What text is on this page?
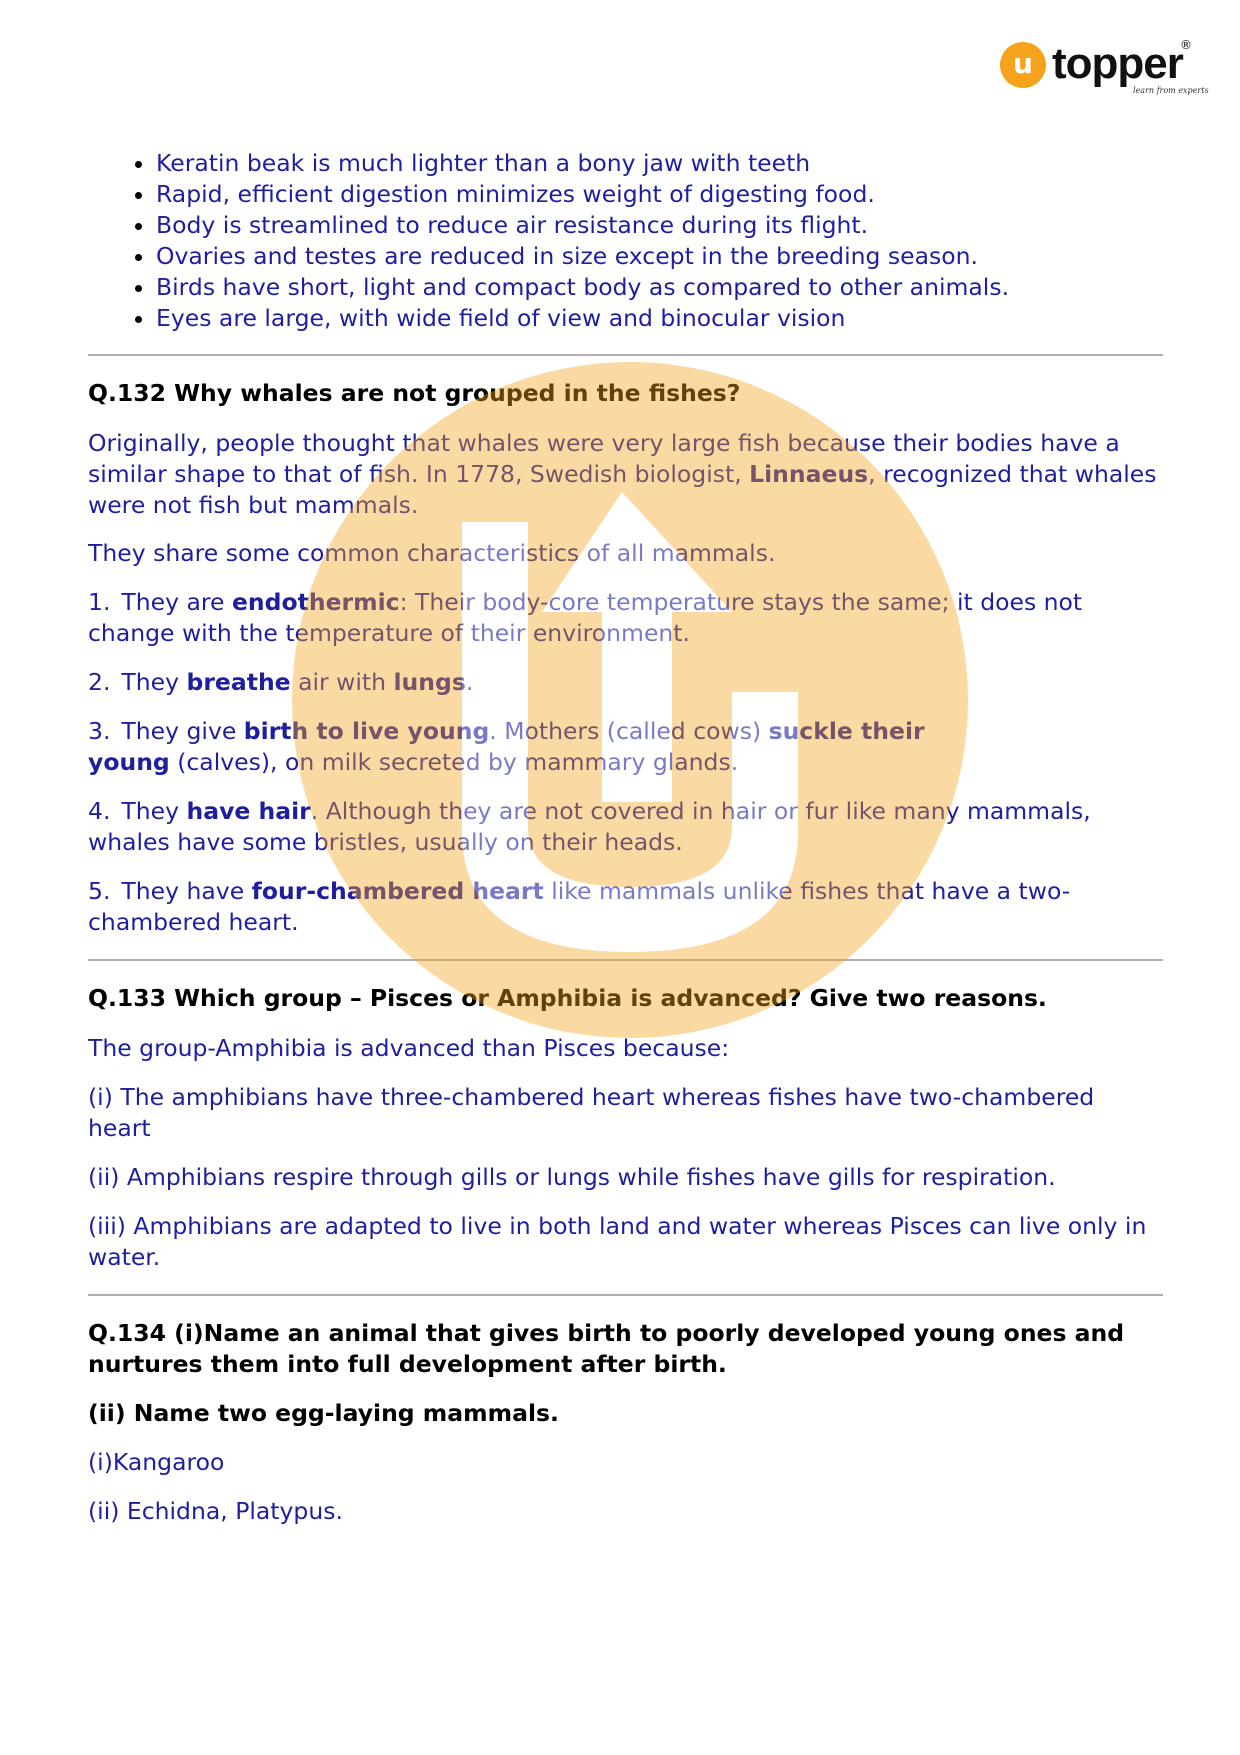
u topper
®
learn from experts
• Keratin beak is much lighter than a bony jaw with teeth
• Rapid, efficient digestion minimizes weight of digesting food.
• Body is streamlined to reduce air resistance during its flight.
• Ovaries and testes are reduced in size except in the breeding season.
• Birds have short, light and compact body as compared to other animals.
• Eyes are large, with wide field of view and binocular vision

Q.132 Why whales are not grouped in the fishes?

Originally, people thought that whales were very large fish because their bodies have a similar shape to that of fish. In 1778, Swedish biologist, Linnaeus, recognized that whales were not fish but mammals.

They share some common characteristics of all mammals.

1. They are endothermic: Their body-core temperature stays the same; it does not change with the temperature of their environment.

2. They breathe air with lungs.

3. They give birth to live young. Mothers (called cows) suckle their young (calves), on milk secreted by mammary glands.

4. They have hair. Although they are not covered in hair or fur like many mammals, whales have some bristles, usually on their heads.

5. They have four-chambered heart like mammals unlike fishes that have a two-chambered heart.

Q.133 Which group – Pisces or Amphibia is advanced? Give two reasons.

The group-Amphibia is advanced than Pisces because:

(i) The amphibians have three-chambered heart whereas fishes have two-chambered heart

(ii) Amphibians respire through gills or lungs while fishes have gills for respiration.

(iii) Amphibians are adapted to live in both land and water whereas Pisces can live only in water.

Q.134 (i)Name an animal that gives birth to poorly developed young ones and nurtures them into full development after birth.

(ii) Name two egg-laying mammals.

(i)Kangaroo

(ii) Echidna, Platypus.
